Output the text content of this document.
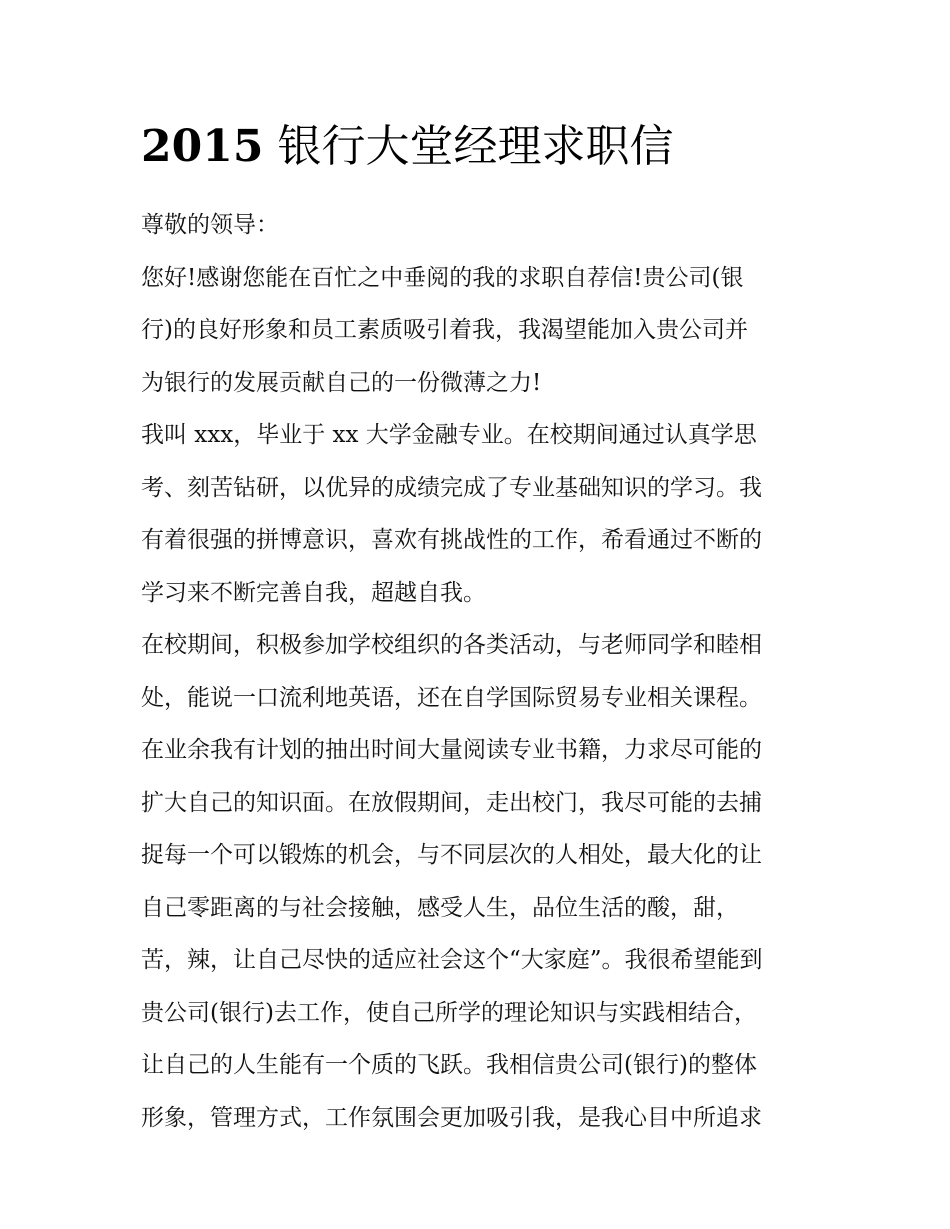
2015 银行大堂经理求职信
尊敬的领导：
您好!感谢您能在百忙之中垂阅的我的求职自荐信!贵公司(银
行)的良好形象和员工素质吸引着我，我渴望能加入贵公司并
为银行的发展贡献自己的一份微薄之力!
我叫 xxx，毕业于 xx 大学金融专业。在校期间通过认真学思
考、刻苦钻研，以优异的成绩完成了专业基础知识的学习。我
有着很强的拼博意识，喜欢有挑战性的工作，希看通过不断的
学习来不断完善自我，超越自我。
在校期间，积极参加学校组织的各类活动，与老师同学和睦相
处，能说一口流利地英语，还在自学国际贸易专业相关课程。
在业余我有计划的抽出时间大量阅读专业书籍，力求尽可能的
扩大自己的知识面。在放假期间，走出校门，我尽可能的去捕
捉每一个可以锻炼的机会，与不同层次的人相处，最大化的让
自己零距离的与社会接触，感受人生，品位生活的酸，甜，
苦，辣，让自己尽快的适应社会这个“大家庭”。我很希望能到
贵公司(银行)去工作，使自己所学的理论知识与实践相结合，
让自己的人生能有一个质的飞跃。我相信贵公司(银行)的整体
形象，管理方式，工作氛围会更加吸引我，是我心目中所追求
